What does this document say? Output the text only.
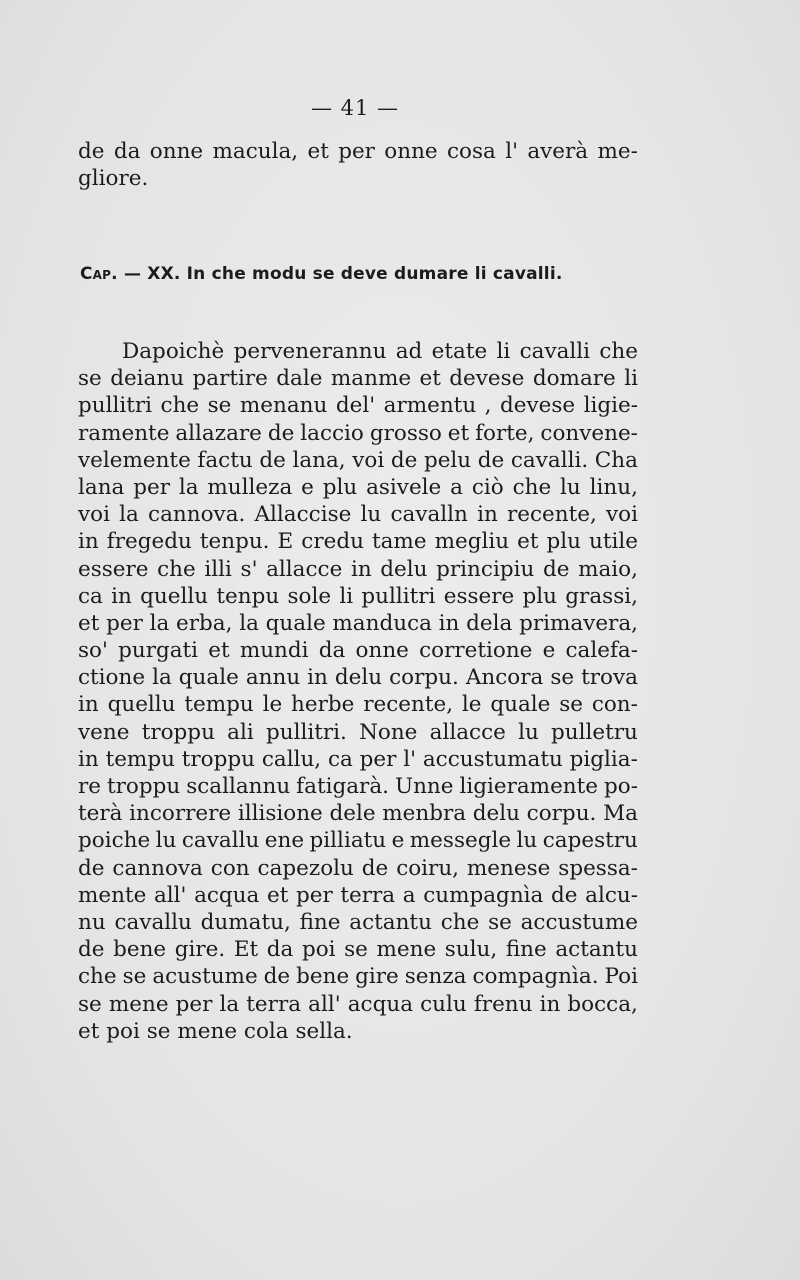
— 41 —
de da onne macula, et per onne cosa l' averà me-
gliore.
Cap. — XX. In che modu se deve dumare li cavalli.
Dapoichè pervenerannu ad etate li cavalli che
se deianu partire dale manme et devese domare li
pullitri che se menanu del' armentu , devese ligie-
ramente allazare de laccio grosso et forte, convene-
velemente factu de lana, voi de pelu de cavalli. Cha
lana per la mulleza e plu asivele a ciò che lu linu,
voi la cannova. Allaccise lu cavalln in recente, voi
in fregedu tenpu. E credu tame megliu et plu utile
essere che illi s' allacce in delu principiu de maio,
ca in quellu tenpu sole li pullitri essere plu grassi,
et per la erba, la quale manduca in dela primavera,
so' purgati et mundi da onne corretione e calefa-
ctione la quale annu in delu corpu. Ancora se trova
in quellu tempu le herbe recente, le quale se con-
vene troppu ali pullitri. None allacce lu pulletru
in tempu troppu callu, ca per l' accustumatu piglia-
re troppu scallannu fatigarà. Unne ligieramente po-
terà incorrere illisione dele menbra delu corpu. Ma
poiche lu cavallu ene pilliatu e messegle lu capestru
de cannova con capezolu de coiru, menese spessa-
mente all' acqua et per terra a cumpagnìa de alcu-
nu cavallu dumatu, fine actantu che se accustume
de bene gire. Et da poi se mene sulu, fine actantu
che se acustume de bene gire senza compagnìa. Poi
se mene per la terra all' acqua culu frenu in bocca,
et poi se mene cola sella.
